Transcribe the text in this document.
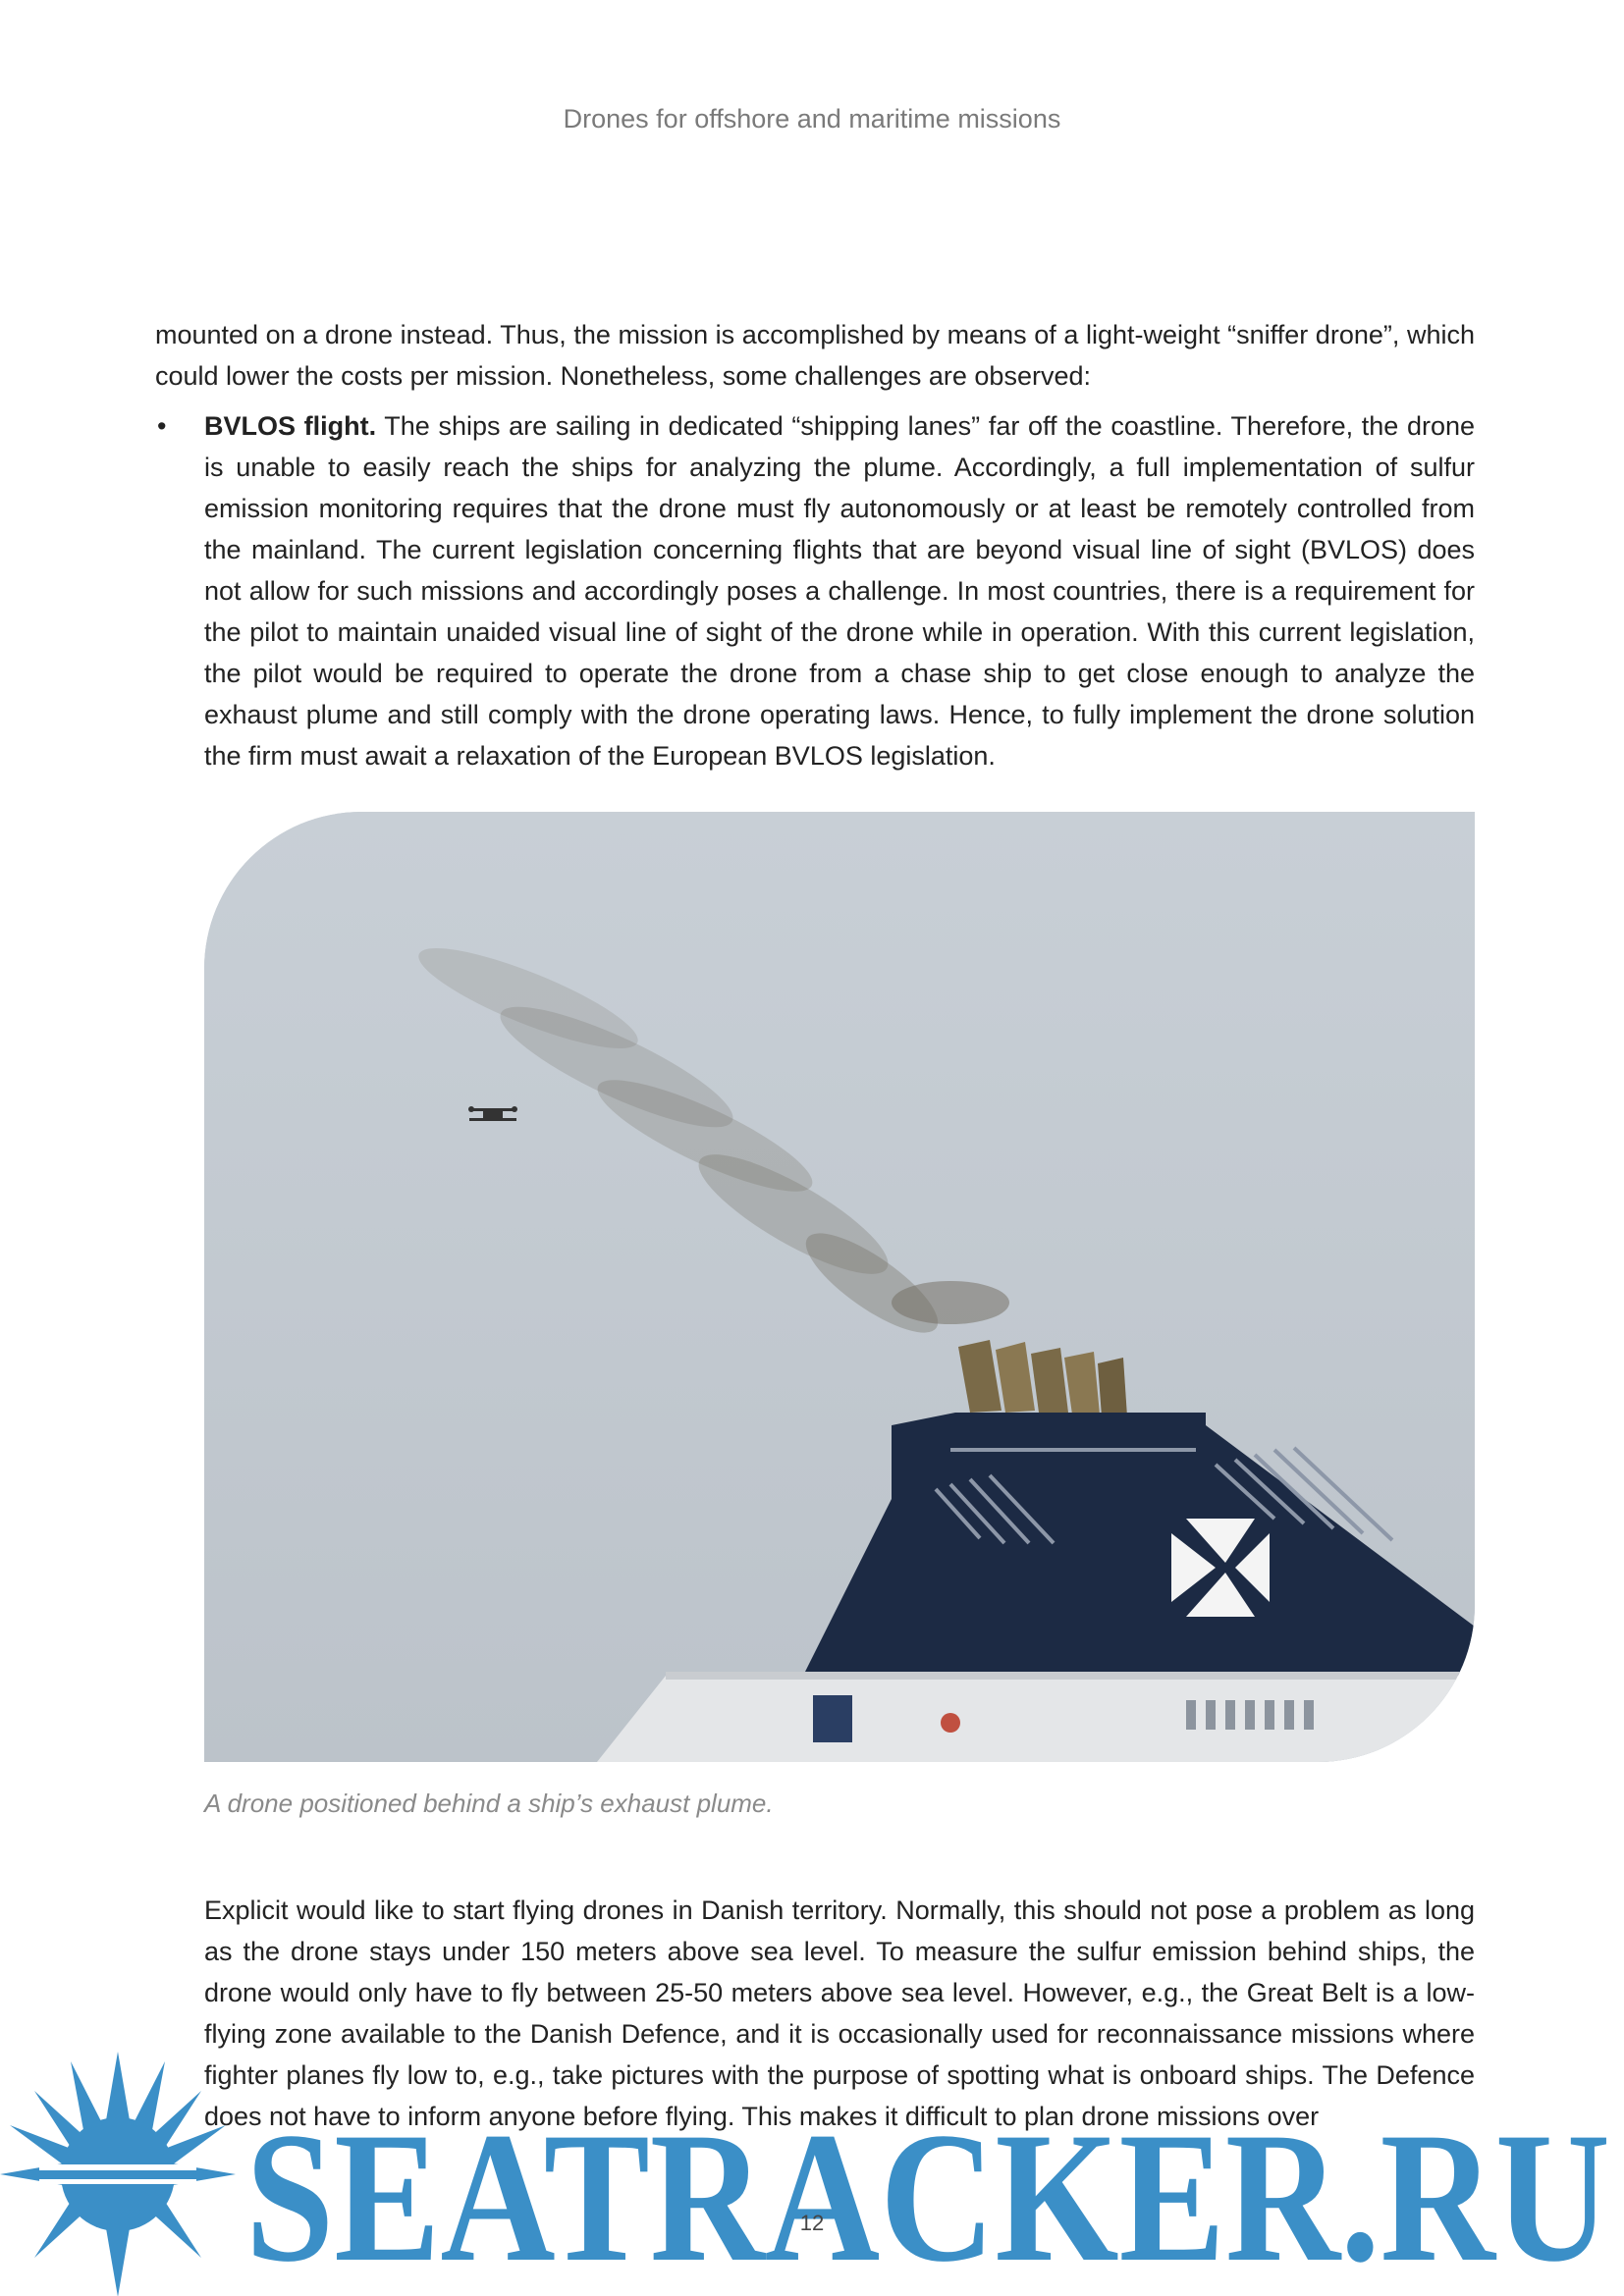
Drones for offshore and maritime missions

mounted on a drone instead. Thus, the mission is accomplished by means of a light-weight “sniffer drone”, which could lower the costs per mission. Nonetheless, some challenges are observed:

• BVLOS flight. The ships are sailing in dedicated “shipping lanes” far off the coastline. Therefore, the drone is unable to easily reach the ships for analyzing the plume. Accordingly, a full implementation of sulfur emission monitoring requires that the drone must fly autonomously or at least be remotely controlled from the mainland. The current legislation concerning flights that are beyond visual line of sight (BVLOS) does not allow for such missions and accordingly poses a challenge. In most countries, there is a requirement for the pilot to maintain unaided visual line of sight of the drone while in operation. With this current legislation, the pilot would be required to operate the drone from a chase ship to get close enough to analyze the exhaust plume and still comply with the drone operating laws. Hence, to fully implement the drone solution the firm must await a relaxation of the European BVLOS legislation.
A drone positioned behind a ship’s exhaust plume.

Explicit would like to start flying drones in Danish territory. Normally, this should not pose a problem as long as the drone stays under 150 meters above sea level. To measure the sulfur emission behind ships, the drone would only have to fly between 25-50 meters above sea level. However, e.g., the Great Belt is a low-flying zone available to the Danish Defence, and it is occasionally used for reconnaissance missions where fighter planes fly low to, e.g., take pictures with the purpose of spotting what is onboard ships. The Defence does not have to inform anyone before flying. This makes it difficult to plan drone missions over

SEATRACKER.RU
12
